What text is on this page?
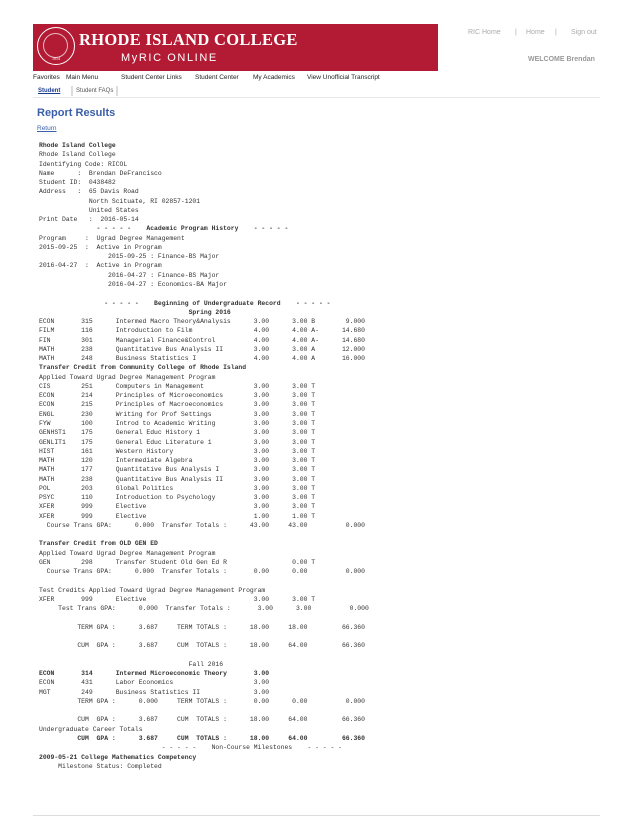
1854
RHODE ISLAND COLLEGE
MyRIC ONLINE
RIC Home | Home | Sign out
WELCOME Brendan
Favorites Main Menu	Student Center Links Student Center My Academics View Unofficial Transcript
Student	Student FAQs
Report Results
Return
Rhode Island College
Rhode Island College
Identifying Code: RICOL
Name      :  Brendan DeFrancisco
Student ID:  0438482
Address   :  65 Davis Road
North Scituate, RI 02857-1201
United States
Print Date   :  2016-05-14
- - - - -    Academic Program History    - - - - -
Program     :  Ugrad Degree Management
2015-09-25  :  Active in Program
2015-09-25 : Finance-BS Major
2016-04-27  :  Active in Program
2016-04-27 : Finance-BS Major
2016-04-27 : Economics-BA Major
- - - - -    Beginning of Undergraduate Record    - - - - -
Spring 2016
ECON       315      Intermed Macro Theory&Analysis      3.00      3.00 B        9.000
FILM       116      Introduction to Film                4.00      4.00 A-      14.680
FIN        301      Managerial Finance&Control          4.00      4.00 A-      14.680
MATH       238      Quantitative Bus Analysis II        3.00      3.00 A       12.000
MATH       248      Business Statistics I               4.00      4.00 A       16.000
Transfer Credit from Community College of Rhode Island
Applied Toward Ugrad Degree Management Program
CIS        251      Computers in Management             3.00      3.00 T
ECON       214      Principles of Microeconomics        3.00      3.00 T
ECON       215      Principles of Macroeconomics        3.00      3.00 T
ENGL       230      Writing for Prof Settings           3.00      3.00 T
FYW        100      Introd to Academic Writing          3.00      3.00 T
GENHST1    175      General Educ History 1              3.00      3.00 T
GENLIT1    175      General Educ Literature 1           3.00      3.00 T
HIST       161      Western History                     3.00      3.00 T
MATH       120      Intermediate Algebra                3.00      3.00 T
MATH       177      Quantitative Bus Analysis I         3.00      3.00 T
MATH       238      Quantitative Bus Analysis II        3.00      3.00 T
POL        203      Global Politics                     3.00      3.00 T
PSYC       110      Introduction to Psychology          3.00      3.00 T
XFER       999      Elective                            3.00      3.00 T
XFER       999      Elective                            1.00      1.00 T
Course Trans GPA:      0.000  Transfer Totals :      43.00     43.00          0.000
Transfer Credit from OLD GEN ED
Applied Toward Ugrad Degree Management Program
GEN        298      Transfer Student Old Gen Ed R                 0.00 T
Course Trans GPA:      0.000  Transfer Totals :       0.00      0.00          0.000
Test Credits Applied Toward Ugrad Degree Management Program
XFER       999      Elective                            3.00      3.00 T
Test Trans GPA:      0.000  Transfer Totals :       3.00      3.00          0.000
TERM GPA :      3.687     TERM TOTALS :      18.00     18.00         66.360
CUM  GPA :      3.687     CUM  TOTALS :      18.00     64.00         66.360
Fall 2016
ECON       314      Intermed Microeconomic Theory       3.00
ECON       431      Labor Economics                     3.00
MGT        249      Business Statistics II              3.00
TERM GPA :      0.000     TERM TOTALS :       0.00      0.00          0.000
CUM  GPA :      3.687     CUM  TOTALS :      18.00     64.00         66.360
Undergraduate Career Totals
CUM  GPA :      3.687     CUM  TOTALS :      18.00     64.00         66.360
- - - - -    Non-Course Milestones    - - - - -
2009-05-21 College Mathematics Competency
Milestone Status: Completed
